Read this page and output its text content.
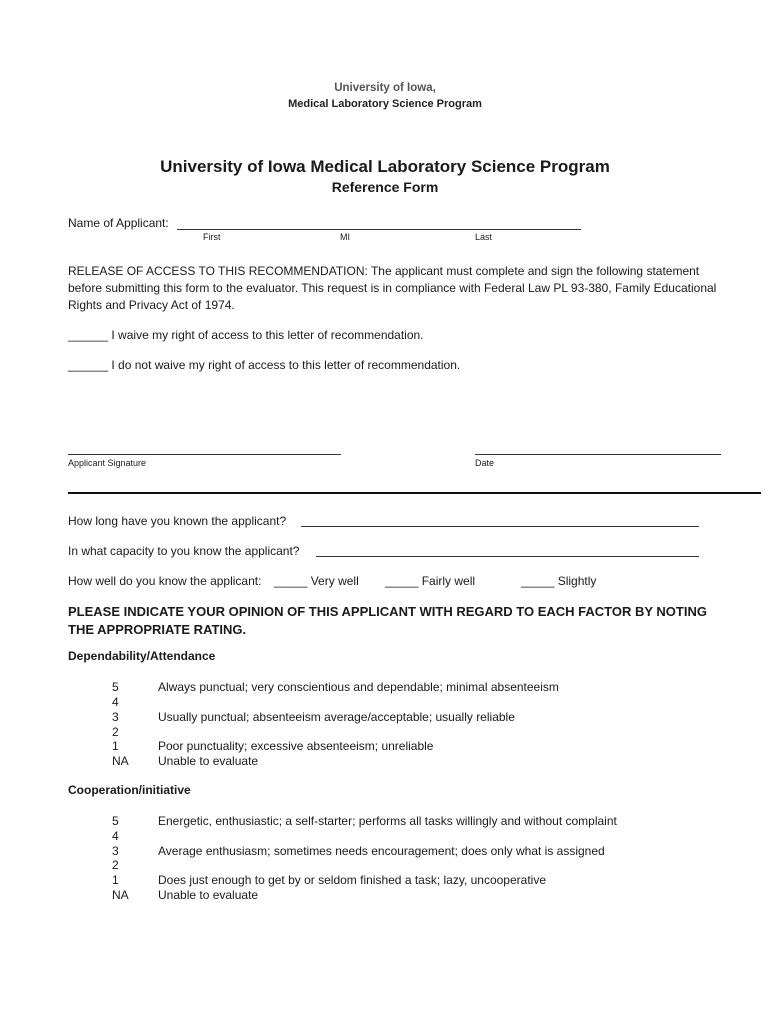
University of Iowa,
Medical Laboratory Science Program
University of Iowa Medical Laboratory Science Program
Reference Form
Name of Applicant:
First	MI	Last
RELEASE OF ACCESS TO THIS RECOMMENDATION: The applicant must complete and sign the following statement before submitting this form to the evaluator. This request is in compliance with Federal Law PL 93-380, Family Educational Rights and Privacy Act of 1974.
______ I waive my right of access to this letter of recommendation.
______ I do not waive my right of access to this letter of recommendation.
Applicant Signature	Date
How long have you known the applicant?
In what capacity to you know the applicant?
How well do you know the applicant: _____ Very well _____ Fairly well	_____ Slightly
PLEASE INDICATE YOUR OPINION OF THIS APPLICANT WITH REGARD TO EACH FACTOR BY NOTING THE APPROPRIATE RATING.
Dependability/Attendance
5	Always punctual; very conscientious and dependable; minimal absenteeism
4
3	Usually punctual; absenteeism average/acceptable; usually reliable
2
1	Poor punctuality; excessive absenteeism; unreliable
NA	Unable to evaluate
Cooperation/initiative
5	Energetic, enthusiastic; a self-starter; performs all tasks willingly and without complaint
4
3	Average enthusiasm; sometimes needs encouragement; does only what is assigned
2
1	Does just enough to get by or seldom finished a task; lazy, uncooperative
NA	Unable to evaluate
